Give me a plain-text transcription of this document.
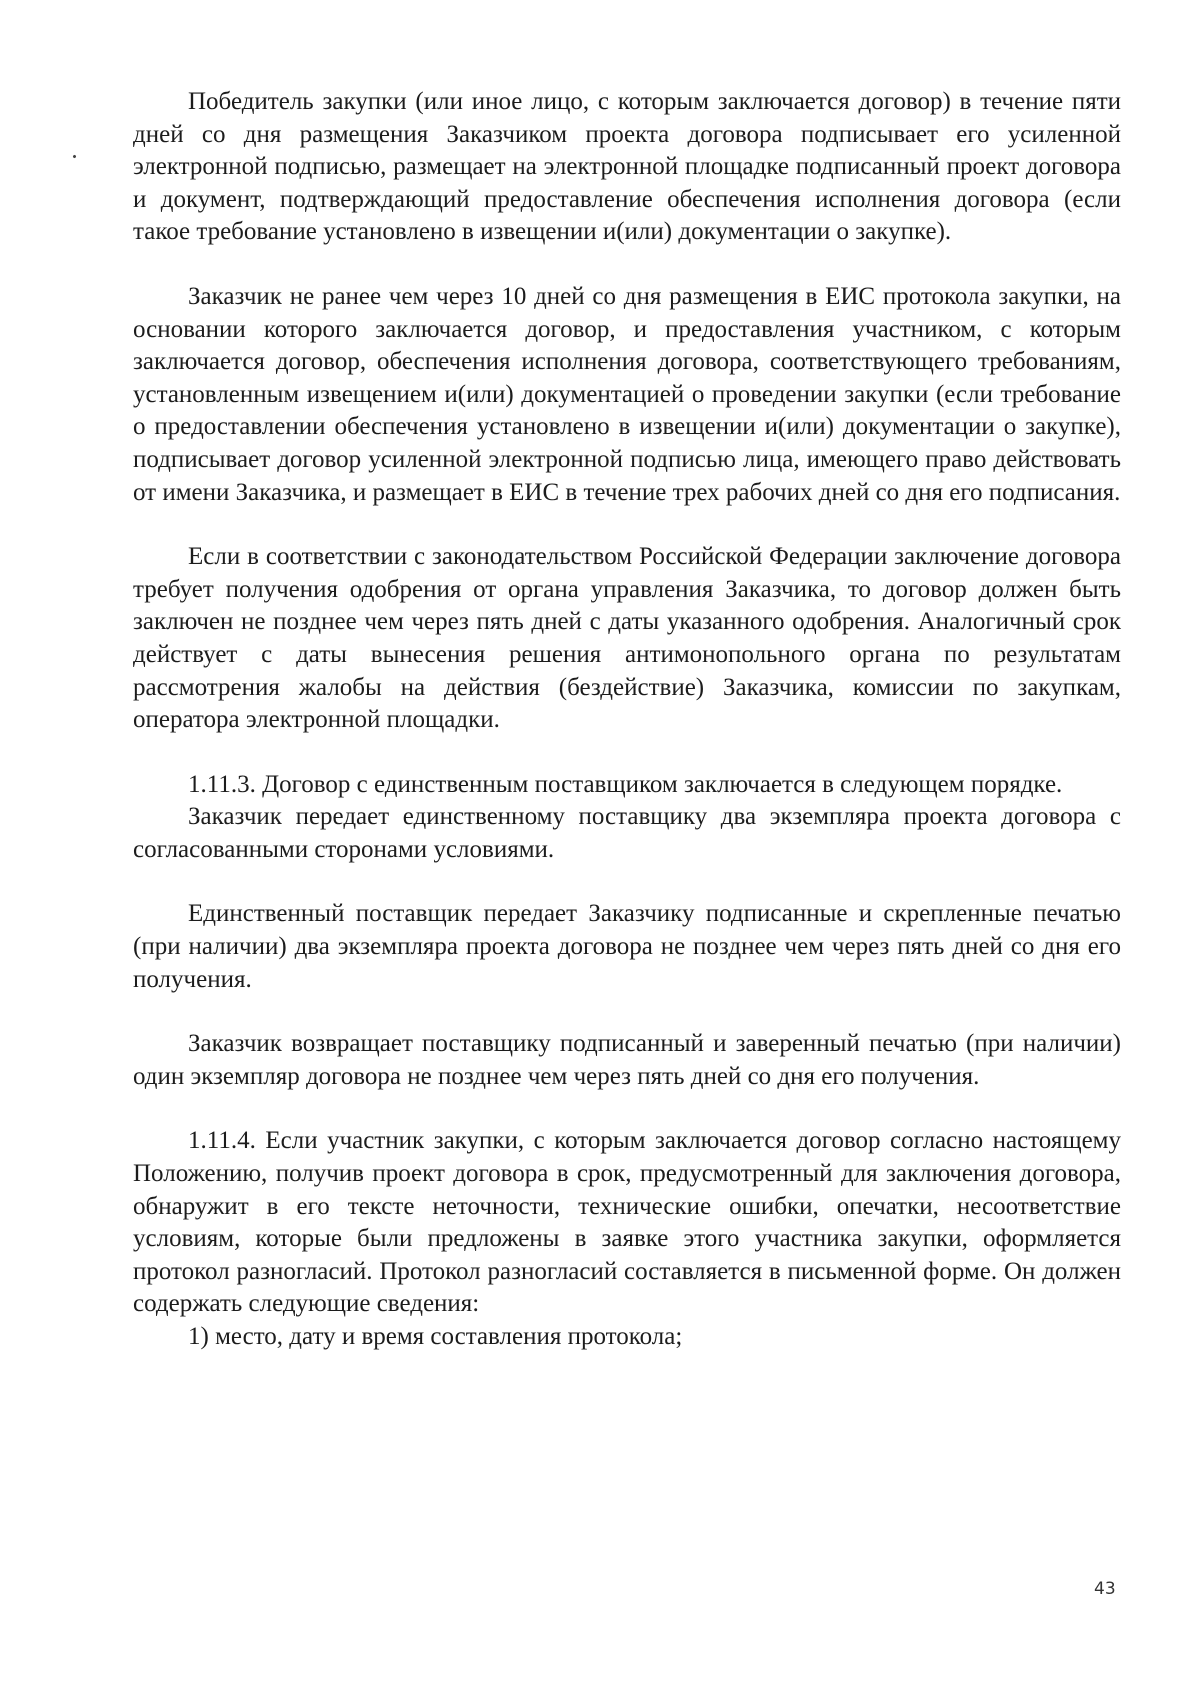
Победитель закупки (или иное лицо, с которым заключается договор) в течение пяти дней со дня размещения Заказчиком проекта договора подписывает его усиленной электронной подписью, размещает на электронной площадке подписанный проект договора и документ, подтверждающий предоставление обеспечения исполнения договора (если такое требование установлено в извещении и(или) документации о закупке).

Заказчик не ранее чем через 10 дней со дня размещения в ЕИС протокола закупки, на основании которого заключается договор, и предоставления участником, с которым заключается договор, обеспечения исполнения договора, соответствующего требованиям, установленным извещением и(или) документацией о проведении закупки (если требование о предоставлении обеспечения установлено в извещении и(или) документации о закупке), подписывает договор усиленной электронной подписью лица, имеющего право действовать от имени Заказчика, и размещает в ЕИС в течение трех рабочих дней со дня его подписания.

Если в соответствии с законодательством Российской Федерации заключение договора требует получения одобрения от органа управления Заказчика, то договор должен быть заключен не позднее чем через пять дней с даты указанного одобрения. Аналогичный срок действует с даты вынесения решения антимонопольного органа по результатам рассмотрения жалобы на действия (бездействие) Заказчика, комиссии по закупкам, оператора электронной площадки.

1.11.3. Договор с единственным поставщиком заключается в следующем порядке.

Заказчик передает единственному поставщику два экземпляра проекта договора с согласованными сторонами условиями.

Единственный поставщик передает Заказчику подписанные и скрепленные печатью (при наличии) два экземпляра проекта договора не позднее чем через пять дней со дня его получения.

Заказчик возвращает поставщику подписанный и заверенный печатью (при наличии) один экземпляр договора не позднее чем через пять дней со дня его получения.

1.11.4. Если участник закупки, с которым заключается договор согласно настоящему Положению, получив проект договора в срок, предусмотренный для заключения договора, обнаружит в его тексте неточности, технические ошибки, опечатки, несоответствие условиям, которые были предложены в заявке этого участника закупки, оформляется протокол разногласий. Протокол разногласий составляется в письменной форме. Он должен содержать следующие сведения:

1) место, дату и время составления протокола;

43
